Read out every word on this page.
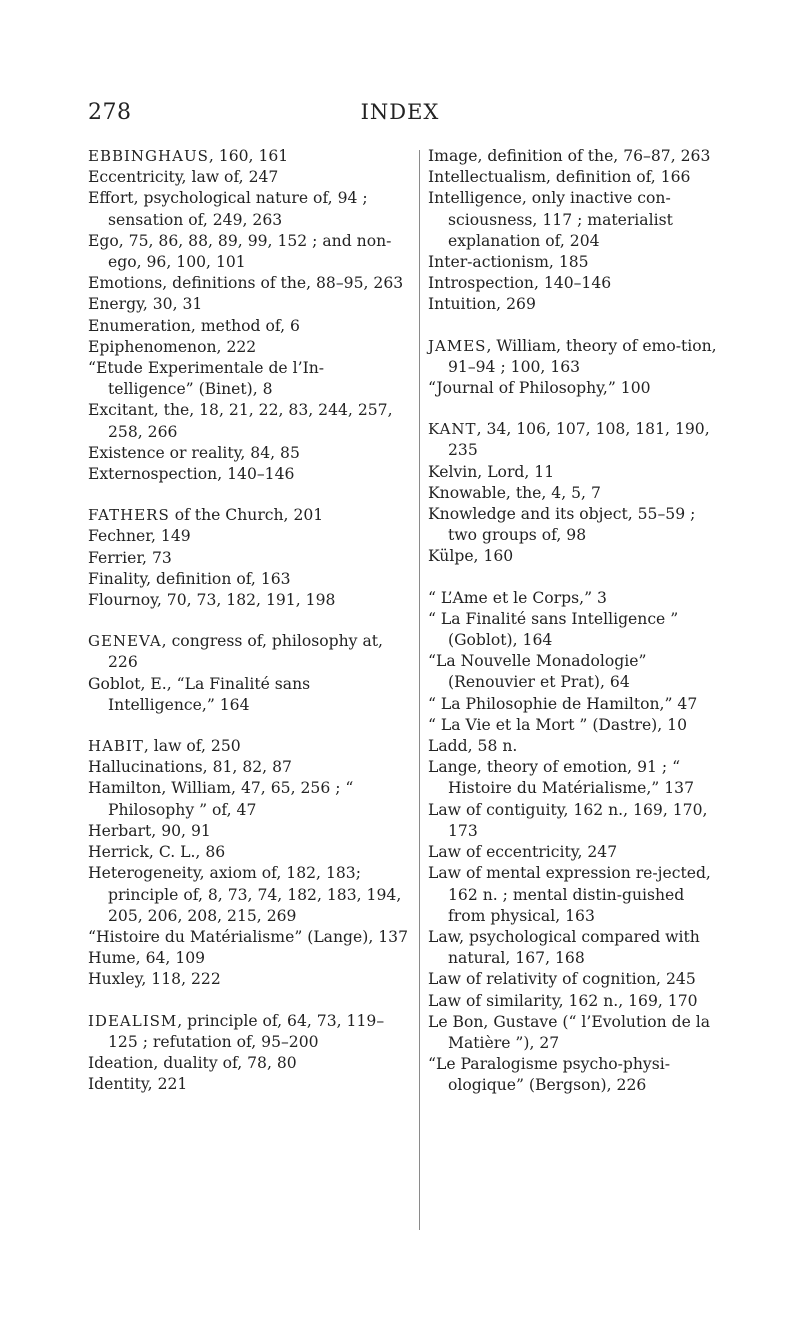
278	INDEX

EBBINGHAUS, 160, 161

Eccentricity, law of, 247

Effort, psychological nature of, 94 ; sensation of, 249, 263

Ego, 75, 86, 88, 89, 99, 152 ; and non-ego, 96, 100, 101

Emotions, definitions of the, 88–95, 263

Energy, 30, 31

Enumeration, method of, 6

Epiphenomenon, 222

“Etude Experimentale de l’In-telligence” (Binet), 8

Excitant, the, 18, 21, 22, 83, 244, 257, 258, 266

Existence or reality, 84, 85

Externospection, 140–146

FATHERS of the Church, 201

Fechner, 149

Ferrier, 73

Finality, definition of, 163

Flournoy, 70, 73, 182, 191, 198

GENEVA, congress of, philosophy at, 226

Goblot, E., “La Finalité sans Intelligence,” 164

HABIT, law of, 250

Hallucinations, 81, 82, 87

Hamilton, William, 47, 65, 256 ; “ Philosophy ” of, 47

Herbart, 90, 91

Herrick, C. L., 86

Heterogeneity, axiom of, 182, 183; principle of, 8, 73, 74, 182, 183, 194, 205, 206, 208, 215, 269

“Histoire du Matérialisme” (Lange), 137

Hume, 64, 109

Huxley, 118, 222

IDEALISM, principle of, 64, 73, 119–125 ; refutation of, 95–200

Ideation, duality of, 78, 80

Identity, 221

Image, definition of the, 76–87, 263

Intellectualism, definition of, 166

Intelligence, only inactive con-sciousness, 117 ; materialist explanation of, 204

Inter-actionism, 185

Introspection, 140–146

Intuition, 269

JAMES, William, theory of emo-tion, 91–94 ; 100, 163

“Journal of Philosophy,” 100

KANT, 34, 106, 107, 108, 181, 190, 235

Kelvin, Lord, 11

Knowable, the, 4, 5, 7

Knowledge and its object, 55–59 ; two groups of, 98

Külpe, 160

“ L’Ame et le Corps,” 3

“ La Finalité sans Intelligence ” (Goblot), 164

“La Nouvelle Monadologie” (Renouvier et Prat), 64

“ La Philosophie de Hamilton,” 47

“ La Vie et la Mort ” (Dastre), 10

Ladd, 58 n.

Lange, theory of emotion, 91 ; “ Histoire du Matérialisme,” 137

Law of contiguity, 162 n., 169, 170, 173

Law of eccentricity, 247

Law of mental expression re-jected, 162 n. ; mental distin-guished from physical, 163

Law, psychological compared with natural, 167, 168

Law of relativity of cognition, 245

Law of similarity, 162 n., 169, 170

Le Bon, Gustave (“ l’Evolution de la Matière ”), 27

“Le Paralogisme psycho-physi-ologique” (Bergson), 226
